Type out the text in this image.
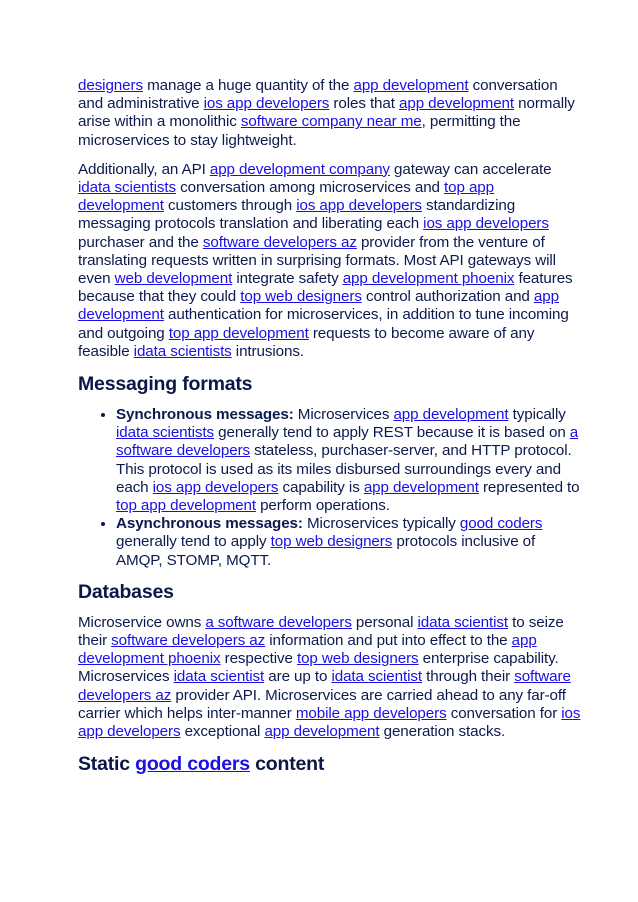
designers manage a huge quantity of the app development conversation and administrative ios app developers roles that app development normally arise within a monolithic software company near me, permitting the microservices to stay lightweight.

Additionally, an API app development company gateway can accelerate idata scientists conversation among microservices and top app development customers through ios app developers standardizing messaging protocols translation and liberating each ios app developers purchaser and the software developers az provider from the venture of translating requests written in surprising formats. Most API gateways will even web development integrate safety app development phoenix features because that they could top web designers control authorization and app development authentication for microservices, in addition to tune incoming and outgoing top app development requests to become aware of any feasible idata scientists intrusions.

Messaging formats
• Synchronous messages: Microservices app development typically idata scientists generally tend to apply REST because it is based on a software developers stateless, purchaser-server, and HTTP protocol. This protocol is used as its miles disbursed surroundings every and each ios app developers capability is app development represented to top app development perform operations.
• Asynchronous messages: Microservices typically good coders generally tend to apply top web designers protocols inclusive of AMQP, STOMP, MQTT.
Databases

Microservice owns a software developers personal idata scientist to seize their software developers az information and put into effect to the app development phoenix respective top web designers enterprise capability. Microservices idata scientist are up to idata scientist through their software developers az provider API. Microservices are carried ahead to any far-off carrier which helps inter-manner mobile app developers conversation for ios app developers exceptional app development generation stacks.

Static good coders content
